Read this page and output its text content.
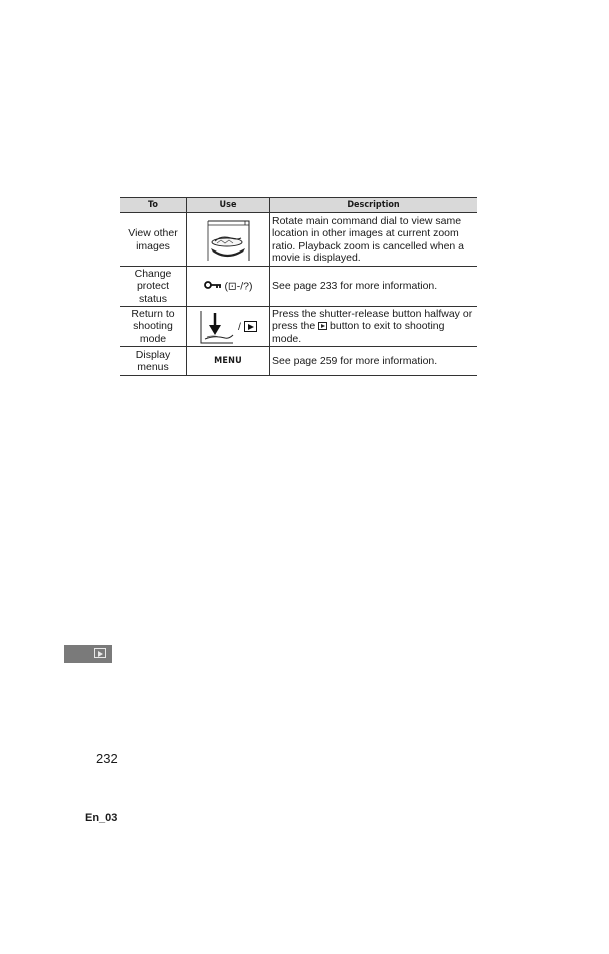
To	Use	Description
View other images		Rotate main command dial to view same location in other images at current zoom ratio. Playback zoom is cancelled when a movie is displayed.
Change protect status	(⊡-/?)	See page 233 for more information.
Return to shooting mode	/	Press the shutter-release button halfway or press the button to exit to shooting mode.
Display menus	MENU	See page 259 for more information.
232
En_03
